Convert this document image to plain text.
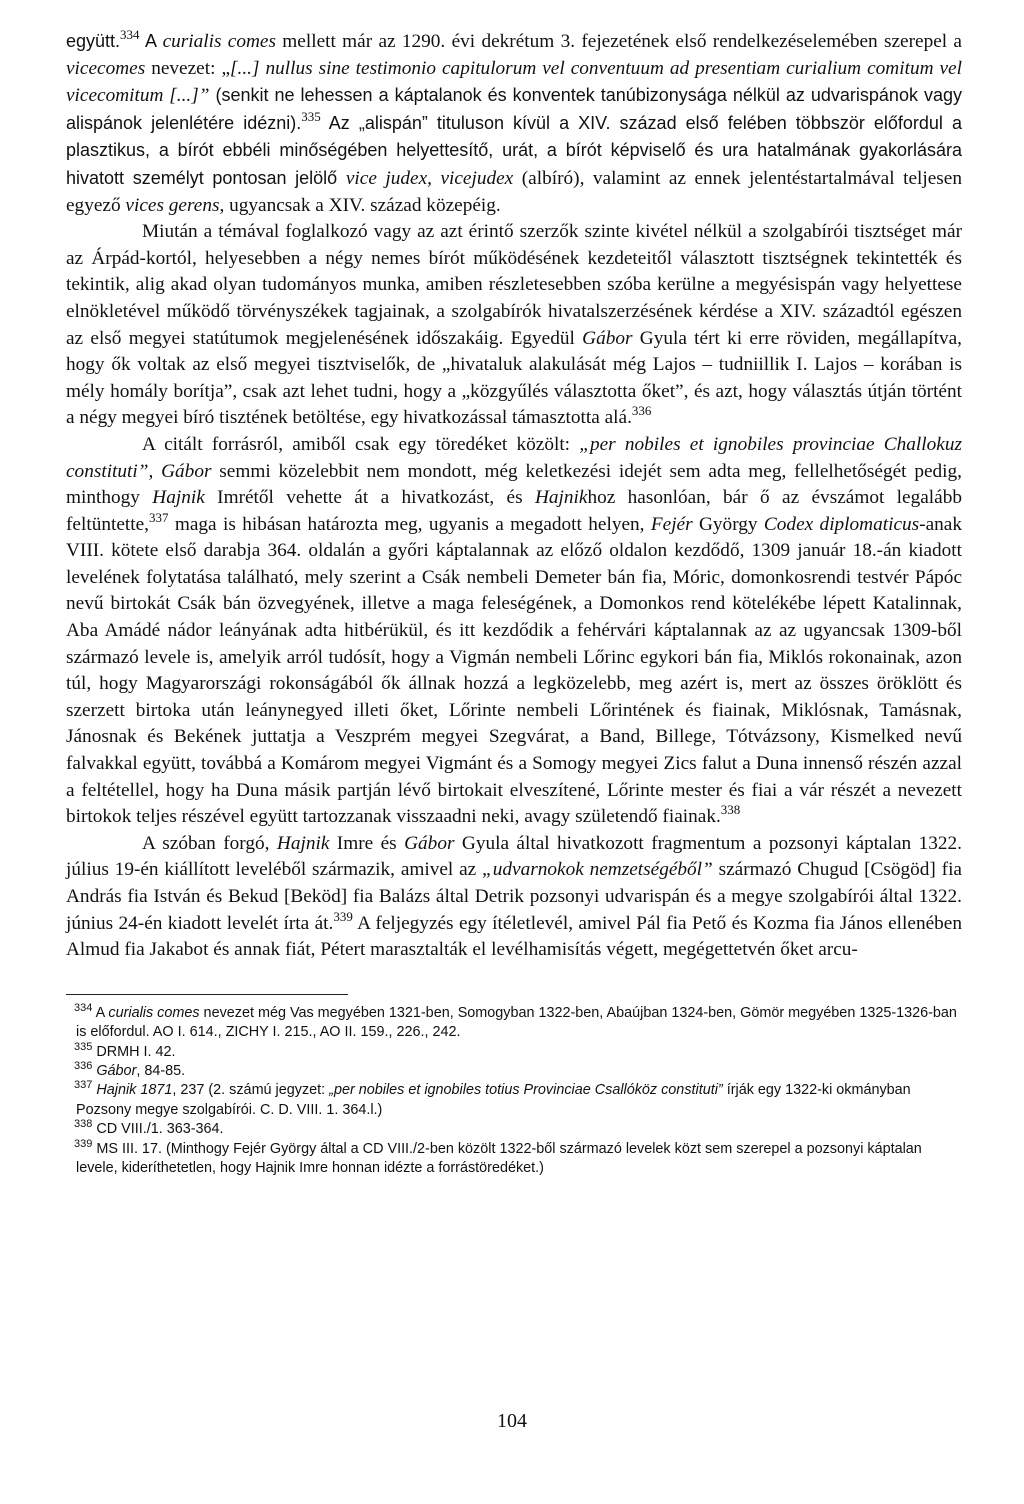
együtt.$^{334}$ A curialis comes mellett már az 1290. évi dekrétum 3. fejezetének első rendelkezéselemében szerepel a vicecomes nevezet: „[...] nullus sine testimonio capitulorum vel conventuum ad presentiam curialium comitum vel vicecomitum [...]” (senkit ne lehessen a káptalanok és konventek tanúbizonysága nélkül az udvarispánok vagy alispánok jelenlétére idézni).$^{335}$ Az „alispán” tituluson kívül a XIV. század első felében többször előfordul a plasztikus, a bírót ebbéli minőségében helyettesítő, urát, a bírót képviselő és ura hatalmának gyakorlására hivatott személyt pontosan jelölő vice judex, vicejudex (albíró), valamint az ennek jelentéstartalmával teljesen egyező vices gerens, ugyancsak a XIV. század közepéig.

Miután a témával foglalkozó vagy az azt érintő szerzők szinte kivétel nélkül a szolgabírói tisztséget már az Árpád-kortól, helyesebben a négy nemes bírót működésének kezdeteitől választott tisztségnek tekintették és tekintik, alig akad olyan tudományos munka, amiben részletesebben szóba kerülne a megyésispán vagy helyettese elnökletével működő törvényszékek tagjainak, a szolgabírók hivatalszerzésének kérdése a XIV. századtól egészen az első megyei statútumok megjelenésének időszakáig. Egyedül Gábor Gyula tért ki erre röviden, megállapítva, hogy ők voltak az első megyei tisztviselők, de „hivataluk alakulását még Lajos – tudniillik I. Lajos – korában is mély homály borítja”, csak azt lehet tudni, hogy a „közgyűlés választotta őket”, és azt, hogy választás útján történt a négy megyei bíró tisztének betöltése, egy hivatkozással támasztotta alá.$^{336}$

A citált forrásról, amiből csak egy töredéket közölt: „per nobiles et ignobiles provinciae Challokuz constituti”, Gábor semmi közelebbit nem mondott, még keletkezési idejét sem adta meg, fellelhetőségét pedig, minthogy Hajnik Imrétől vehette át a hivatkozást, és Hajnikhoz hasonlóan, bár ő az évszámot legalább feltüntette,$^{337}$ maga is hibásan határozta meg, ugyanis a megadott helyen, Fejér György Codex diplomaticus-anak VIII. kötete első darabja 364. oldalán a győri káptalannak az előző oldalon kezdődő, 1309 január 18.-án kiadott levelének folytatása található, mely szerint a Csák nembeli Demeter bán fia, Móric, domonkosrendi testvér Pápóc nevű birtokát Csák bán özvegyének, illetve a maga feleségének, a Domonkos rend kötelékébe lépett Katalinnak, Aba Amádé nádor leányának adta hitbérükül, és itt kezdődik a fehérvári káptalannak az az ugyancsak 1309-ből származó levele is, amelyik arról tudósít, hogy a Vigmán nembeli Lőrinc egykori bán fia, Miklós rokonainak, azon túl, hogy Magyarországi rokonságából ők állnak hozzá a legközelebb, meg azért is, mert az összes öröklött és szerzett birtoka után leánynegyed illeti őket, Lőrinte nembeli Lőrintének és fiainak, Miklósnak, Tamásnak, Jánosnak és Bekének juttatja a Veszprém megyei Szegvárat, a Band, Billege, Tótvázsony, Kismelked nevű falvakkal együtt, továbbá a Komárom megyei Vigmánt és a Somogy megyei Zics falut a Duna innenső részén azzal a feltétellel, hogy ha Duna másik partján lévő birtokait elveszítené, Lőrinte mester és fiai a vár részét a nevezett birtokok teljes részével együtt tartozzanak visszaadni neki, avagy születendő fiainak.$^{338}$

A szóban forgó, Hajnik Imre és Gábor Gyula által hivatkozott fragmentum a pozsonyi káptalan 1322. július 19-én kiállított leveléből származik, amivel az „udvarnokok nemzetségéből” származó Chugud [Csögöd] fia András fia István és Bekud [Beköd] fia Balázs által Detrik pozsonyi udvarispán és a megye szolgabírói által 1322. június 24-én kiadott levelét írta át.$^{339}$ A feljegyzés egy ítéletlevél, amivel Pál fia Pető és Kozma fia János ellenében Almud fia Jakabot és annak fiát, Pétert marasztalták el levélhamisítás végett, megégettetvén őket arcu-

$^{334}$ A curialis comes nevezet még Vas megyében 1321-ben, Somogyban 1322-ben, Abaújban 1324-ben, Gömör megyében 1325-1326-ban is előfordul. AO I. 614., ZICHY I. 215., AO II. 159., 226., 242.

$^{335}$ DRMH I. 42.

$^{336}$ Gábor, 84-85.

$^{337}$ Hajnik 1871, 237 (2. számú jegyzet: „per nobiles et ignobiles totius Provinciae Csallóköz constituti” írják egy 1322-ki okmányban Pozsony megye szolgabírói. C. D. VIII. 1. 364.l.)

$^{338}$ CD VIII./1. 363-364.

$^{339}$ MS III. 17. (Minthogy Fejér György által a CD VIII./2-ben közölt 1322-ből származó levelek közt sem szerepel a pozsonyi káptalan levele, kideríthetetlen, hogy Hajnik Imre honnan idézte a forrástöredéket.)

104
